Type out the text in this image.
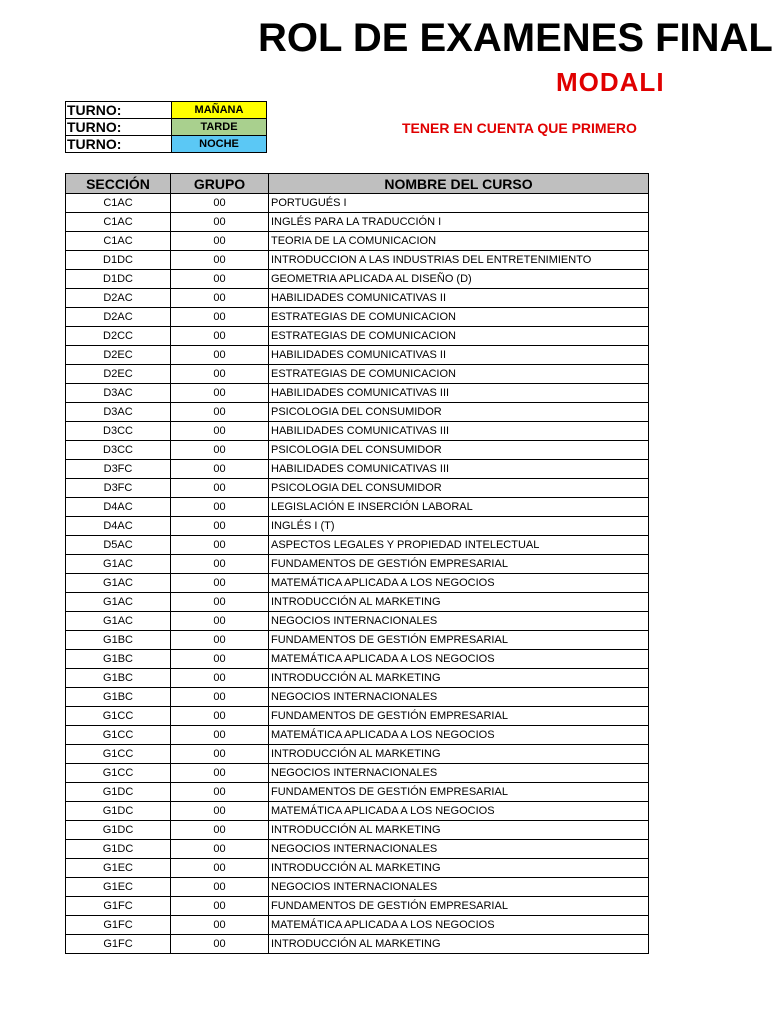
ROL DE EXAMENES FINAL
MODALI
TENER EN CUENTA QUE PRIMERO
TURNO:	MAÑANA
TURNO:	TARDE
TURNO:	NOCHE
SECCIÓN	GRUPO	NOMBRE DEL CURSO
C1AC	00	PORTUGUÉS I
C1AC	00	INGLÉS PARA LA TRADUCCIÓN I
C1AC	00	TEORIA DE LA COMUNICACION
D1DC	00	INTRODUCCION A LAS INDUSTRIAS DEL ENTRETENIMIENTO
D1DC	00	GEOMETRIA APLICADA AL DISEÑO (D)
D2AC	00	HABILIDADES COMUNICATIVAS II
D2AC	00	ESTRATEGIAS DE COMUNICACION
D2CC	00	ESTRATEGIAS DE COMUNICACION
D2EC	00	HABILIDADES COMUNICATIVAS II
D2EC	00	ESTRATEGIAS DE COMUNICACION
D3AC	00	HABILIDADES COMUNICATIVAS III
D3AC	00	PSICOLOGIA DEL CONSUMIDOR
D3CC	00	HABILIDADES COMUNICATIVAS III
D3CC	00	PSICOLOGIA DEL CONSUMIDOR
D3FC	00	HABILIDADES COMUNICATIVAS III
D3FC	00	PSICOLOGIA DEL CONSUMIDOR
D4AC	00	LEGISLACIÓN E INSERCIÓN LABORAL
D4AC	00	INGLÉS I (T)
D5AC	00	ASPECTOS LEGALES Y PROPIEDAD INTELECTUAL
G1AC	00	FUNDAMENTOS DE GESTIÓN EMPRESARIAL
G1AC	00	MATEMÁTICA APLICADA A LOS NEGOCIOS
G1AC	00	INTRODUCCIÓN AL MARKETING
G1AC	00	NEGOCIOS INTERNACIONALES
G1BC	00	FUNDAMENTOS DE GESTIÓN EMPRESARIAL
G1BC	00	MATEMÁTICA APLICADA A LOS NEGOCIOS
G1BC	00	INTRODUCCIÓN AL MARKETING
G1BC	00	NEGOCIOS INTERNACIONALES
G1CC	00	FUNDAMENTOS DE GESTIÓN EMPRESARIAL
G1CC	00	MATEMÁTICA APLICADA A LOS NEGOCIOS
G1CC	00	INTRODUCCIÓN AL MARKETING
G1CC	00	NEGOCIOS INTERNACIONALES
G1DC	00	FUNDAMENTOS DE GESTIÓN EMPRESARIAL
G1DC	00	MATEMÁTICA APLICADA A LOS NEGOCIOS
G1DC	00	INTRODUCCIÓN AL MARKETING
G1DC	00	NEGOCIOS INTERNACIONALES
G1EC	00	INTRODUCCIÓN AL MARKETING
G1EC	00	NEGOCIOS INTERNACIONALES
G1FC	00	FUNDAMENTOS DE GESTIÓN EMPRESARIAL
G1FC	00	MATEMÁTICA APLICADA A LOS NEGOCIOS
G1FC	00	INTRODUCCIÓN AL MARKETING
